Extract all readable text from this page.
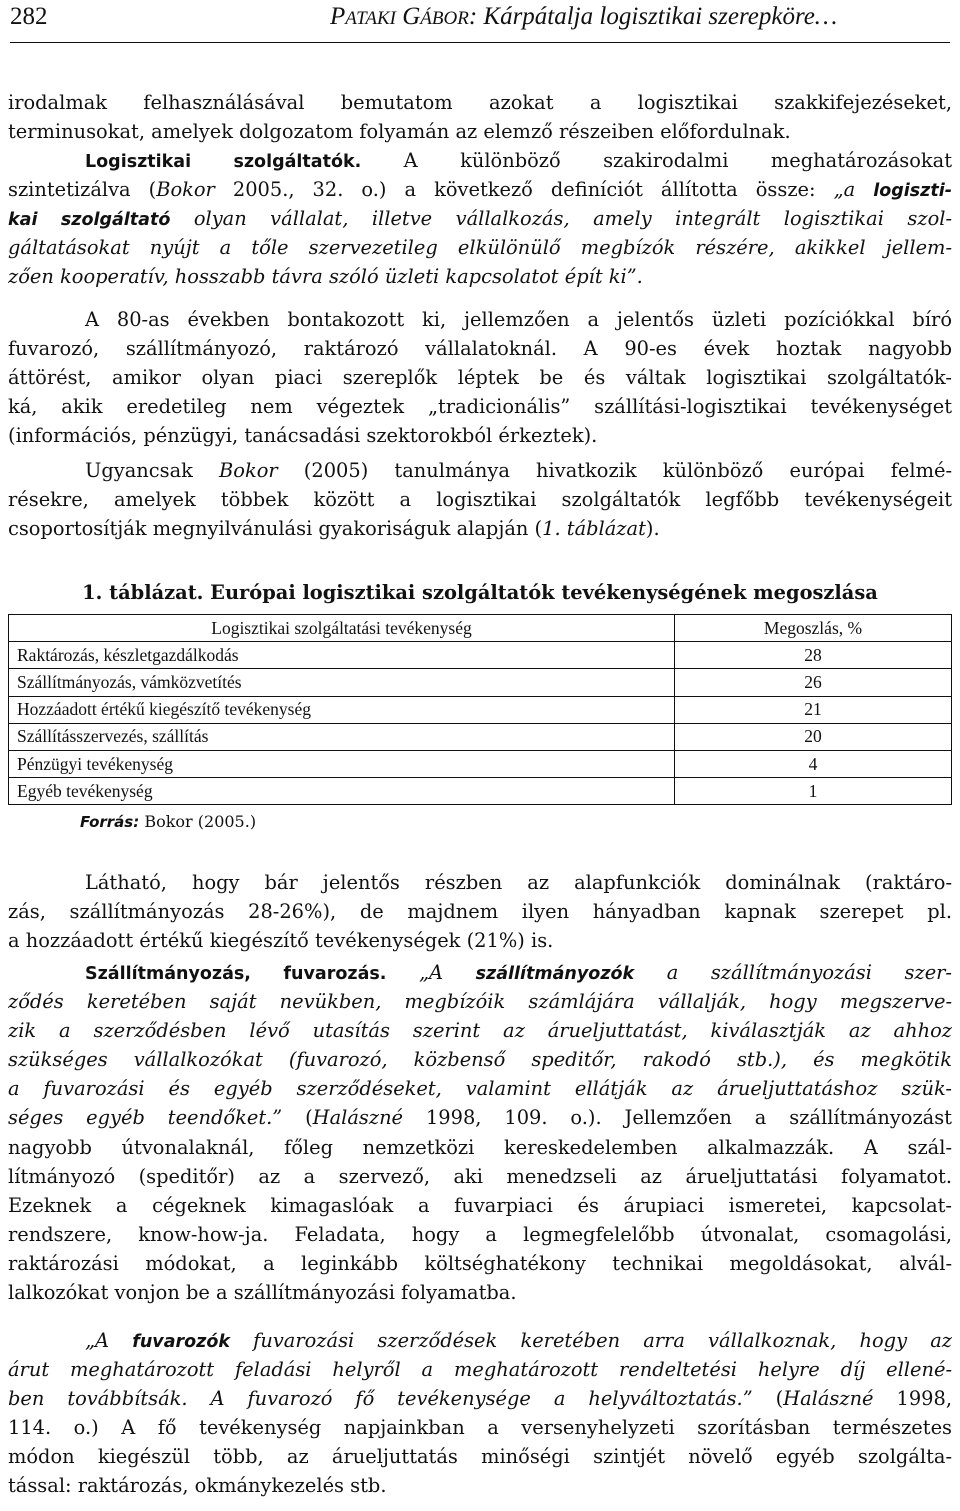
282	PATAKI GÁBOR: Kárpátalja logisztikai szerepköre…
irodalmak felhasználásával bemutatom azokat a logisztikai szakkifejezéseket,
terminusokat, amelyek dolgozatom folyamán az elemző részeiben előfordulnak.
Logisztikai szolgáltatók. A különböző szakirodalmi meghatározásokat
szintetizálva (Bokor 2005., 32. o.) a következő definíciót állította össze: „a logiszti-
kai szolgáltató olyan vállalat, illetve vállalkozás, amely integrált logisztikai szol-
gáltatásokat nyújt a tőle szervezetileg elkülönülő megbízók részére, akikkel jellem-
zően kooperatív, hosszabb távra szóló üzleti kapcsolatot épít ki”.
A 80-as években bontakozott ki, jellemzően a jelentős üzleti pozíciókkal bíró
fuvarozó, szállítmányozó, raktározó vállalatoknál. A 90-es évek hoztak nagyobb
áttörést, amikor olyan piaci szereplők léptek be és váltak logisztikai szolgáltatók-
ká, akik eredetileg nem végeztek „tradicionális” szállítási-logisztikai tevékenységet
(információs, pénzügyi, tanácsadási szektorokból érkeztek).
Ugyancsak Bokor (2005) tanulmánya hivatkozik különböző európai felmé-
résekre, amelyek többek között a logisztikai szolgáltatók legfőbb tevékenységeit
csoportosítják megnyilvánulási gyakoriságuk alapján (1. táblázat).
1. táblázat. Európai logisztikai szolgáltatók tevékenységének megoszlása
Logisztikai szolgáltatási tevékenység	Megoszlás, %
Raktározás, készletgazdálkodás	28
Szállítmányozás, vámközvetítés	26
Hozzáadott értékű kiegészítő tevékenység	21
Szállításszervezés, szállítás	20
Pénzügyi tevékenység	4
Egyéb tevékenység	1
Forrás: Bokor (2005.)
Látható, hogy bár jelentős részben az alapfunkciók dominálnak (raktáro-
zás, szállítmányozás 28-26%), de majdnem ilyen hányadban kapnak szerepet pl.
a hozzáadott értékű kiegészítő tevékenységek (21%) is.
Szállítmányozás, fuvarozás. „A szállítmányozók a szállítmányozási szer-
ződés keretében saját nevükben, megbízóik számlájára vállalják, hogy megszerve-
zik a szerződésben lévő utasítás szerint az árueljuttatást, kiválasztják az ahhoz
szükséges vállalkozókat (fuvarozó, közbenső speditőr, rakodó stb.), és megkötik
a fuvarozási és egyéb szerződéseket, valamint ellátják az árueljuttatáshoz szük-
séges egyéb teendőket.” (Halászné 1998, 109. o.). Jellemzően a szállítmányozást
nagyobb útvonalaknál, főleg nemzetközi kereskedelemben alkalmazzák. A szál-
lítmányozó (speditőr) az a szervező, aki menedzseli az árueljuttatási folyamatot.
Ezeknek a cégeknek kimagaslóak a fuvarpiaci és árupiaci ismeretei, kapcsolat-
rendszere, know-how-ja. Feladata, hogy a legmegfelelőbb útvonalat, csomagolási,
raktározási módokat, a leginkább költséghatékony technikai megoldásokat, alvál-
lalkozókat vonjon be a szállítmányozási folyamatba.
„A fuvarozók fuvarozási szerződések keretében arra vállalkoznak, hogy az
árut meghatározott feladási helyről a meghatározott rendeltetési helyre díj ellené-
ben továbbítsák. A fuvarozó fő tevékenysége a helyváltoztatás.” (Halászné 1998,
114. o.) A fő tevékenység napjainkban a versenyhelyzeti szorításban természetes
módon kiegészül több, az árueljuttatás minőségi szintjét növelő egyéb szolgálta-
tással: raktározás, okmánykezelés stb.
